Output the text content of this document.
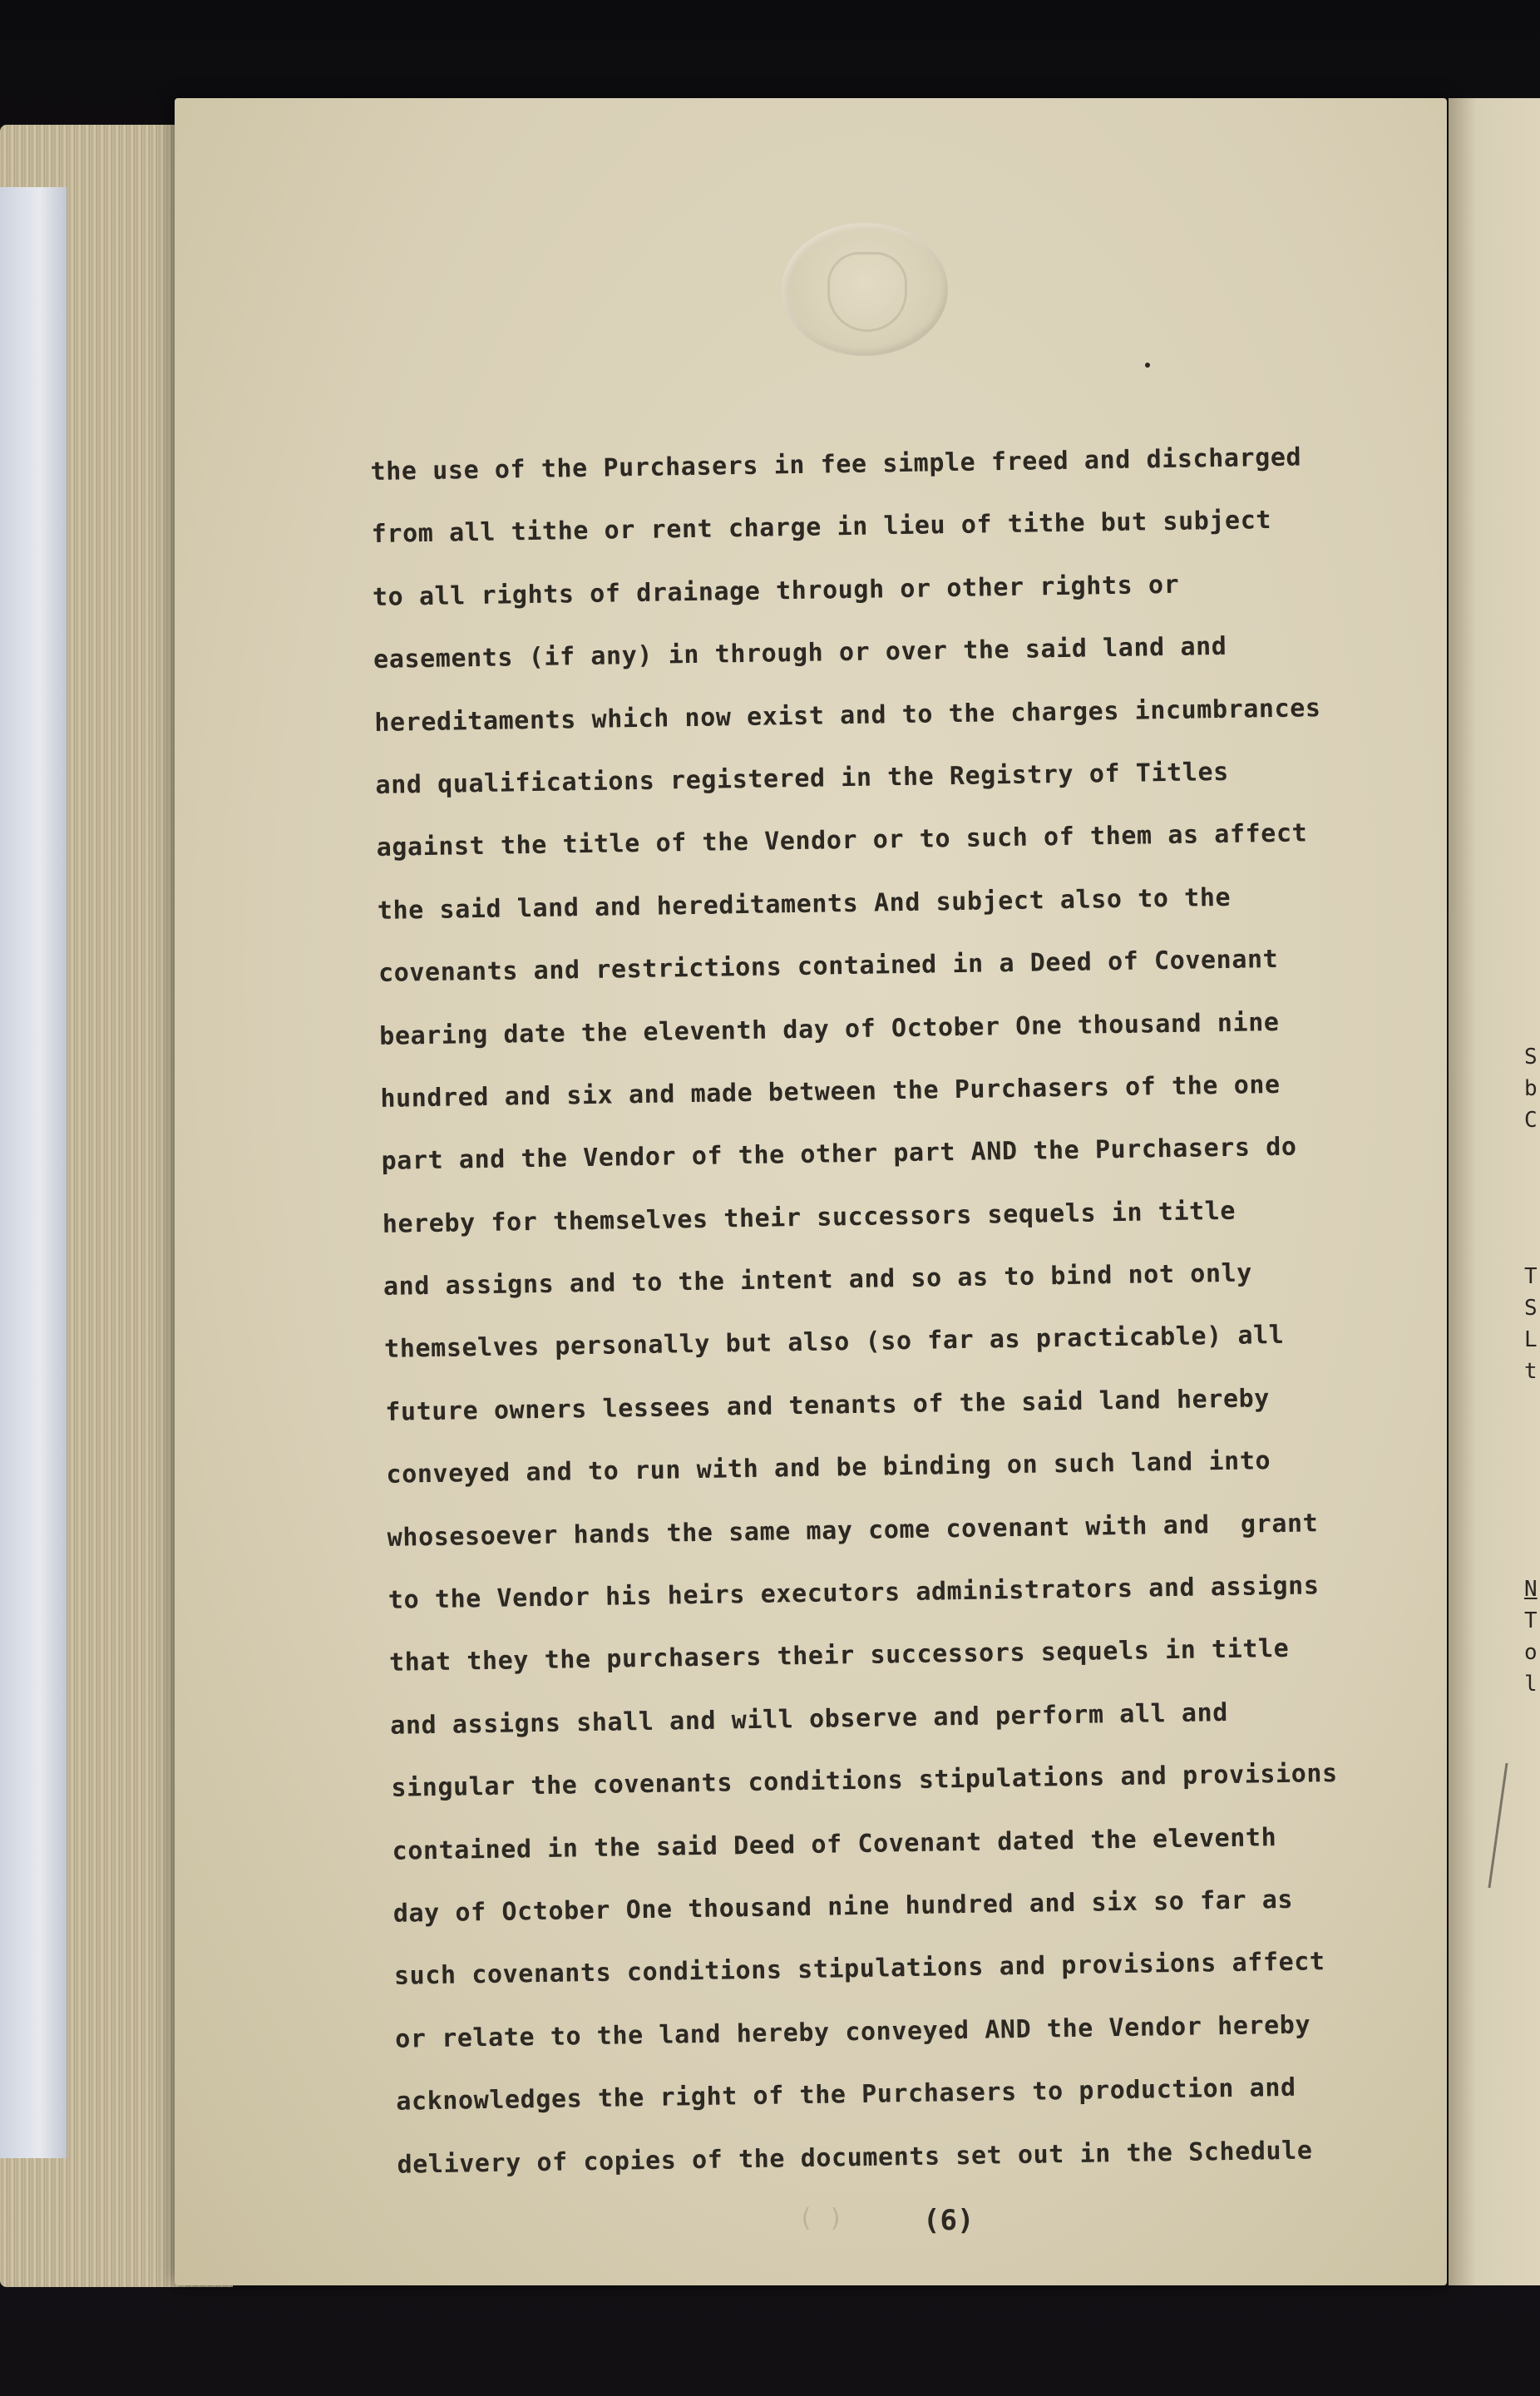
S
b
C
T
S
L
t
N
T
o
l
the use of the Purchasers in fee simple freed and discharged
from all tithe or rent charge in lieu of tithe but subject
to all rights of drainage through or other rights or
easements (if any) in through or over the said land and
hereditaments which now exist and to the charges incumbrances
and qualifications registered in the Registry of Titles
against the title of the Vendor or to such of them as affect
the said land and hereditaments And subject also to the
covenants and restrictions contained in a Deed of Covenant
bearing date the eleventh day of October One thousand nine
hundred and six and made between the Purchasers of the one
part and the Vendor of the other part AND the Purchasers do
hereby for themselves their successors sequels in title
and assigns and to the intent and so as to bind not only
themselves personally but also (so far as practicable) all
future owners lessees and tenants of the said land hereby
conveyed and to run with and be binding on such land into
whosesoever hands the same may come covenant with and  grant
to the Vendor his heirs executors administrators and assigns
that they the purchasers their successors sequels in title
and assigns shall and will observe and perform all and
singular the covenants conditions stipulations and provisions
contained in the said Deed of Covenant dated the eleventh
day of October One thousand nine hundred and six so far as
such covenants conditions stipulations and provisions affect
or relate to the land hereby conveyed AND the Vendor hereby
acknowledges the right of the Purchasers to production and
delivery of copies of the documents set out in the Schedule
( )	(6)
